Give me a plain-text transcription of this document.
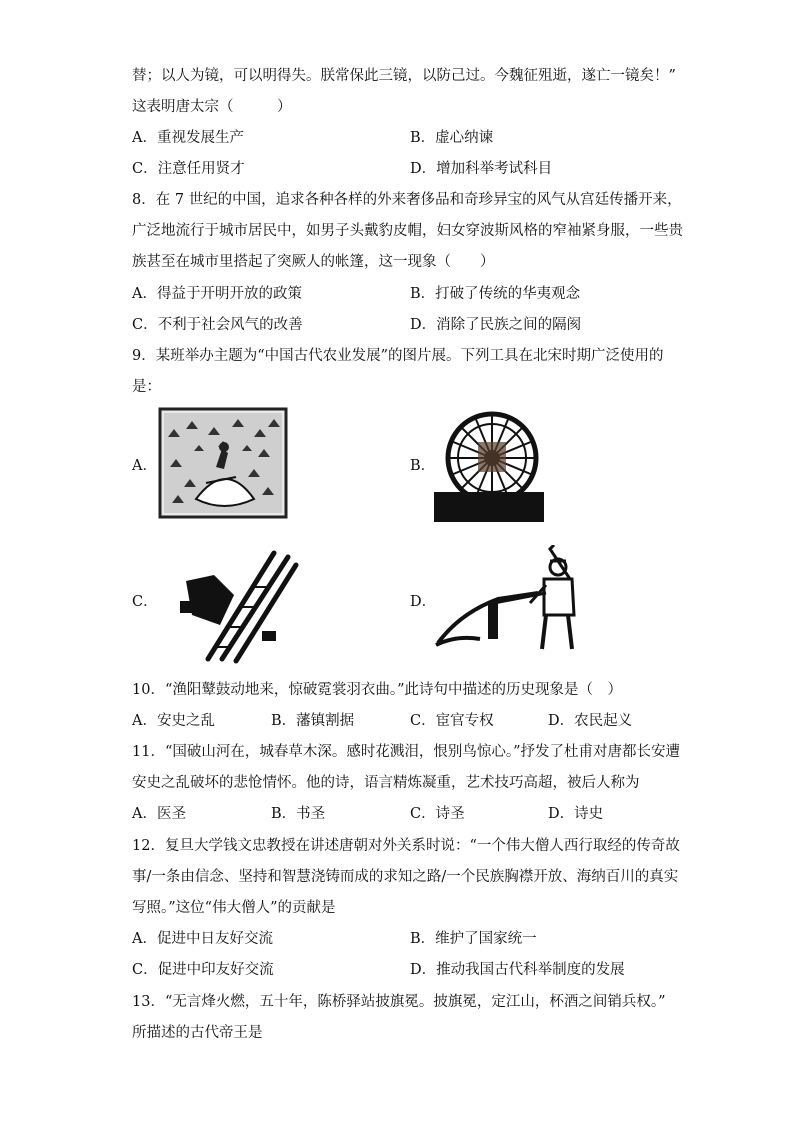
替；以人为镜，可以明得失。朕常保此三镜，以防己过。今魏征殂逝，遂亡一镜矣！”
这表明唐太宗（　　　）
A．重视发展生产	B．虚心纳谏
C．注意任用贤才	D．增加科举考试科目
8．在 7 世纪的中国，追求各种各样的外来奢侈品和奇珍异宝的风气从宫廷传播开来，
广泛地流行于城市居民中，如男子头戴豹皮帽，妇女穿波斯风格的窄袖紧身服，一些贵
族甚至在城市里搭起了突厥人的帐篷，这一现象（　　）
A．得益于开明开放的政策	B．打破了传统的华夷观念
C．不利于社会风气的改善	D．消除了民族之间的隔阂
9．某班举办主题为“中国古代农业发展”的图片展。下列工具在北宋时期广泛使用的
是：
A．	B．
C．	D．
10．“渔阳鼙鼓动地来，惊破霓裳羽衣曲。”此诗句中描述的历史现象是（　）
A．安史之乱	B．藩镇割据	C．宦官专权	D．农民起义
11．“国破山河在，城春草木深。感时花溅泪，恨别鸟惊心。”抒发了杜甫对唐都长安遭
安史之乱破坏的悲怆情怀。他的诗，语言精炼凝重，艺术技巧高超，被后人称为
A．医圣	B．书圣	C．诗圣	D．诗史
12．复旦大学钱文忠教授在讲述唐朝对外关系时说：“一个伟大僧人西行取经的传奇故
事/一条由信念、坚持和智慧浇铸而成的求知之路/一个民族胸襟开放、海纳百川的真实
写照。”这位“伟大僧人”的贡献是
A．促进中日友好交流	B．维护了国家统一
C．促进中印友好交流	D．推动我国古代科举制度的发展
13．“无言烽火燃，五十年，陈桥驿站披旗冕。披旗冕，定江山，杯酒之间销兵权。”
所描述的古代帝王是
